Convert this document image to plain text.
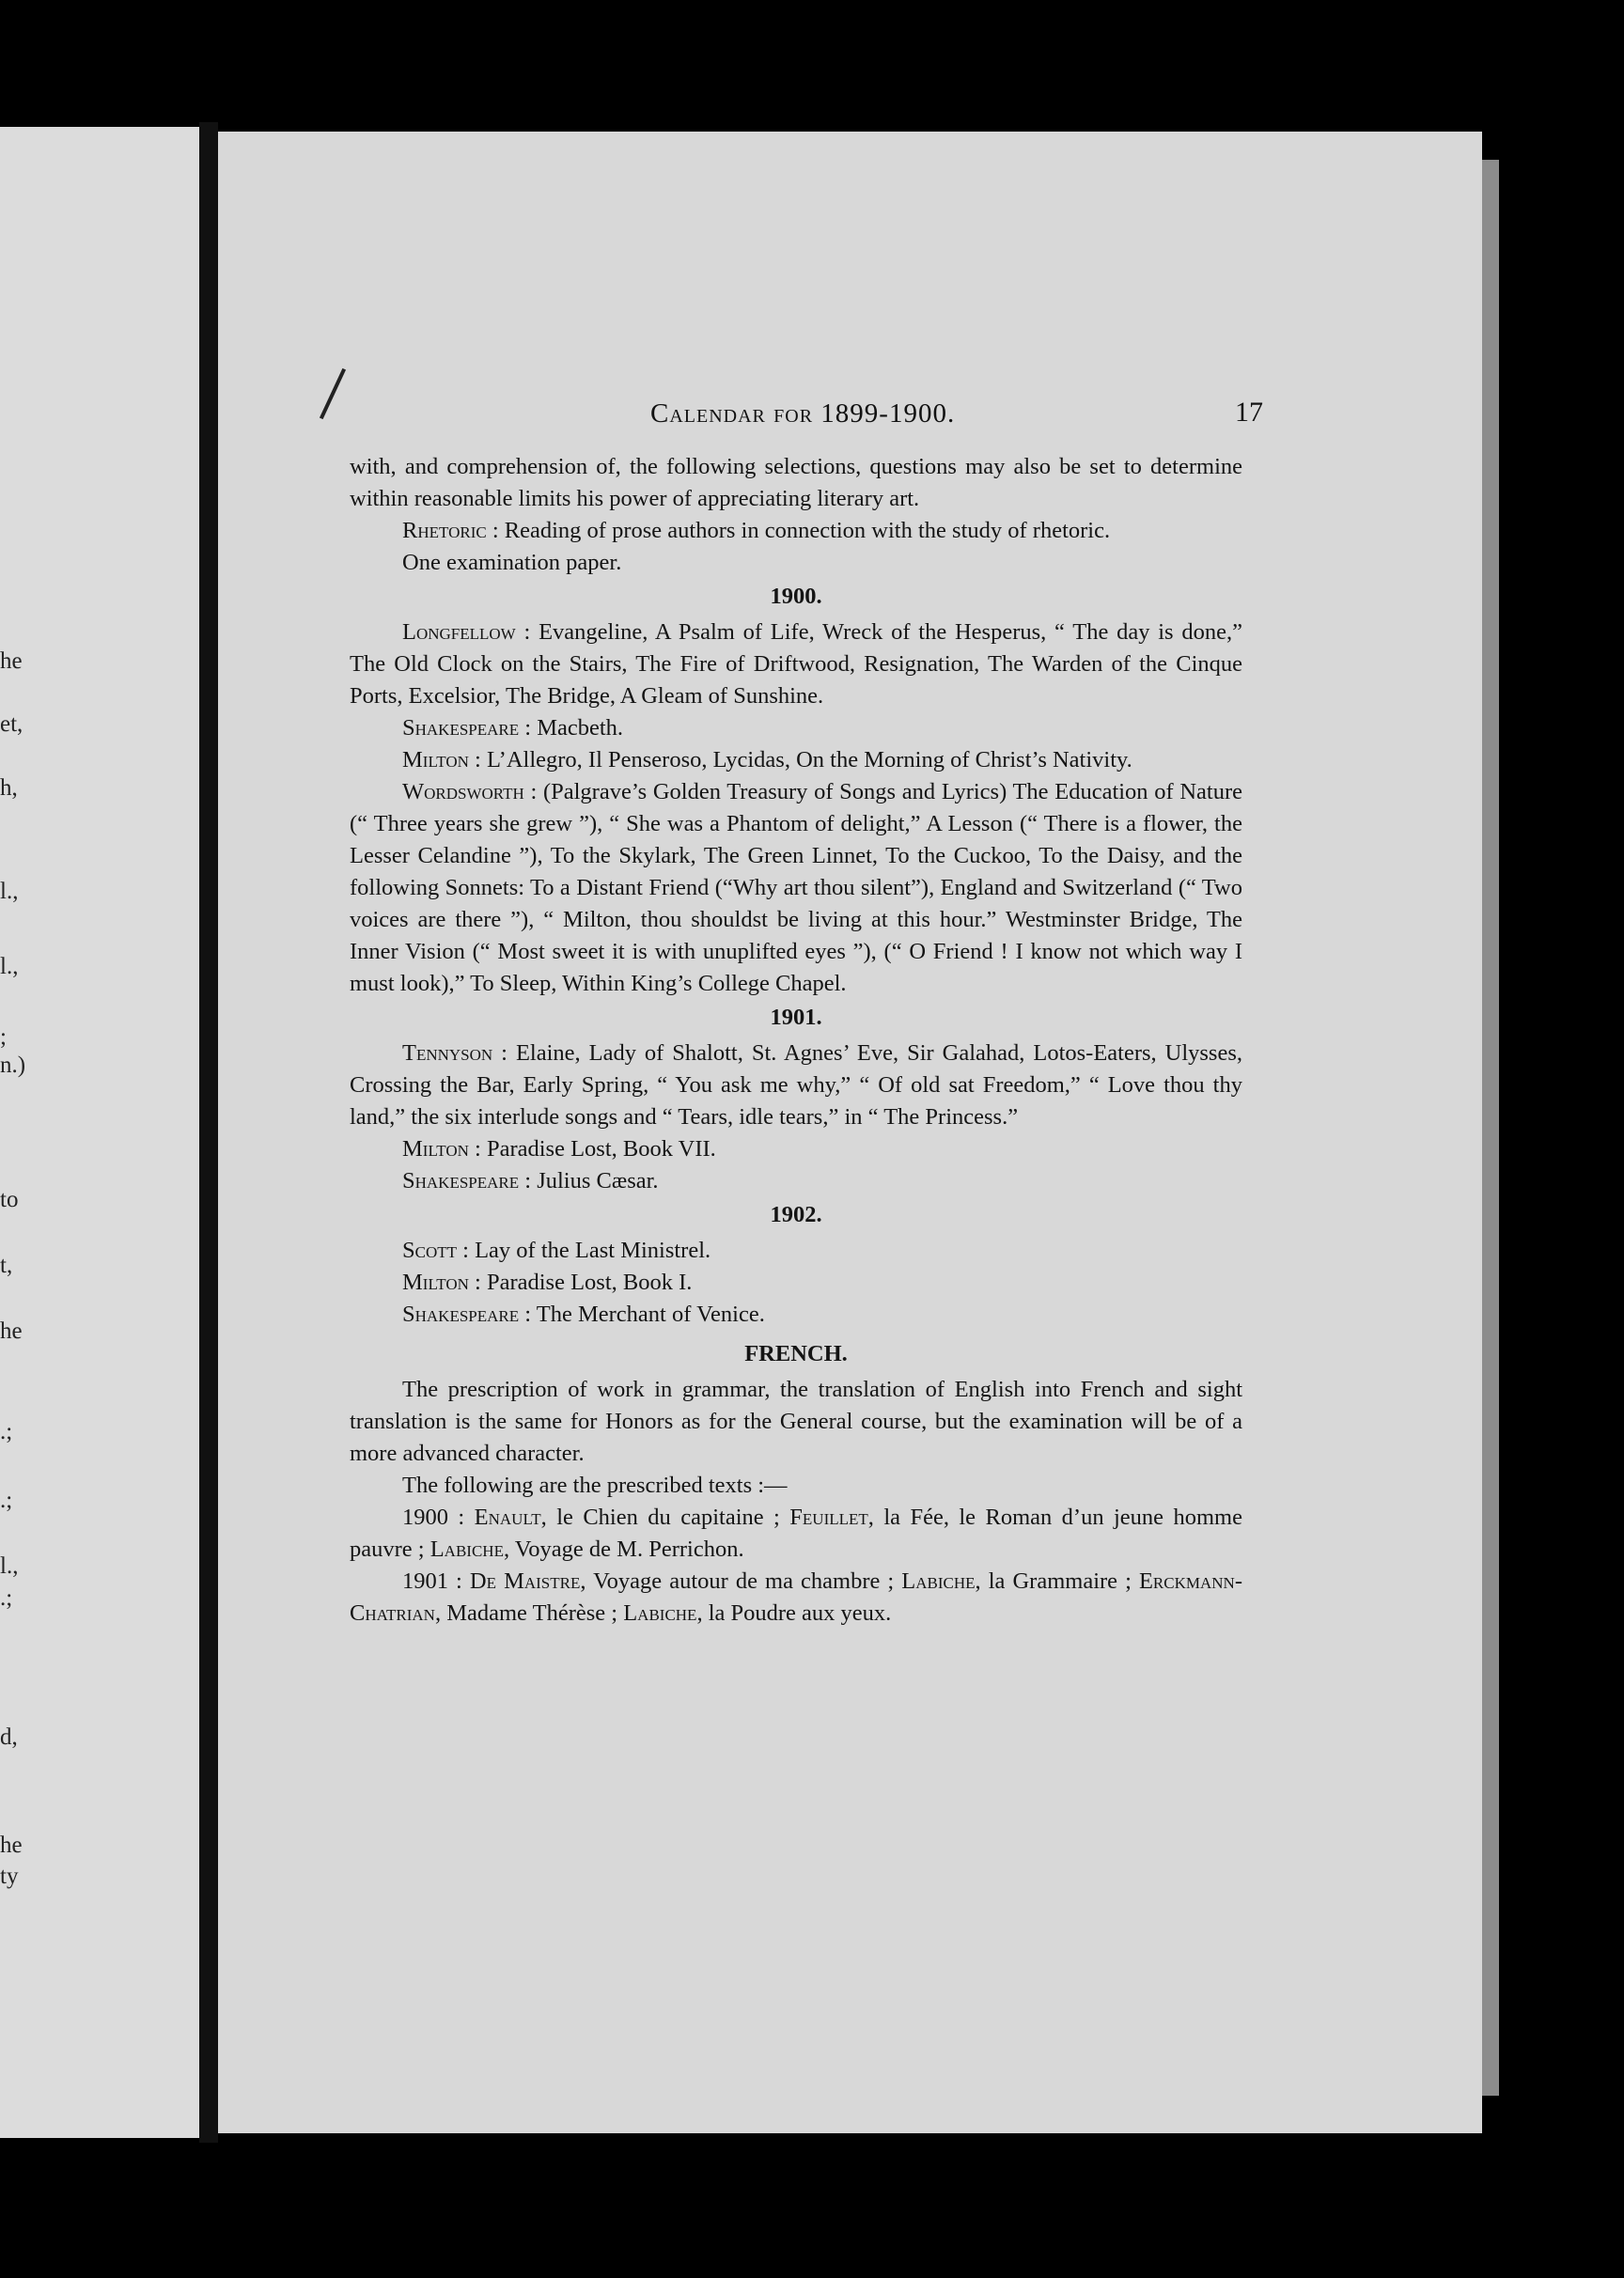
he
et,
h,
l.,
l.,
;
n.)
to
t,
he
.;
.;
l.,
.;
d,
he
ty
Calendar for 1899-1900.	17

with, and comprehension of, the following selections, questions may also be set to determine within reasonable limits his power of appreciating literary art.

Rhetoric : Reading of prose authors in connection with the study of rhetoric.

One examination paper.

1900.

Longfellow : Evangeline, A Psalm of Life, Wreck of the Hesperus, “ The day is done,” The Old Clock on the Stairs, The Fire of Driftwood, Resignation, The Warden of the Cinque Ports, Excelsior, The Bridge, A Gleam of Sunshine.

Shakespeare : Macbeth.

Milton : L’Allegro, Il Penseroso, Lycidas, On the Morning of Christ’s Nativity.

Wordsworth : (Palgrave’s Golden Treasury of Songs and Lyrics) The Education of Nature (“ Three years she grew ”), “ She was a Phantom of delight,” A Lesson (“ There is a flower, the Lesser Celandine ”), To the Skylark, The Green Linnet, To the Cuckoo, To the Daisy, and the following Sonnets: To a Distant Friend (“Why art thou silent”), England and Switzerland (“ Two voices are there ”), “ Milton, thou shouldst be living at this hour.” Westminster Bridge, The Inner Vision (“ Most sweet it is with unuplifted eyes ”), (“ O Friend ! I know not which way I must look),” To Sleep, Within King’s College Chapel.

1901.

Tennyson : Elaine, Lady of Shalott, St. Agnes’ Eve, Sir Galahad, Lotos-Eaters, Ulysses, Crossing the Bar, Early Spring, “ You ask me why,” “ Of old sat Freedom,” “ Love thou thy land,” the six interlude songs and “ Tears, idle tears,” in “ The Princess.”

Milton : Paradise Lost, Book VII.

Shakespeare : Julius Cæsar.

1902.

Scott : Lay of the Last Ministrel.

Milton : Paradise Lost, Book I.

Shakespeare : The Merchant of Venice.

FRENCH.

The prescription of work in grammar, the translation of English into French and sight translation is the same for Honors as for the General course, but the examination will be of a more advanced character.

The following are the prescribed texts :—

1900 : Enault, le Chien du capitaine ; Feuillet, la Fée, le Roman d’un jeune homme pauvre ; Labiche, Voyage de M. Perrichon.

1901 : De Maistre, Voyage autour de ma chambre ; Labiche, la Grammaire ; Erckmann-Chatrian, Madame Thérèse ; Labiche, la Poudre aux yeux.
